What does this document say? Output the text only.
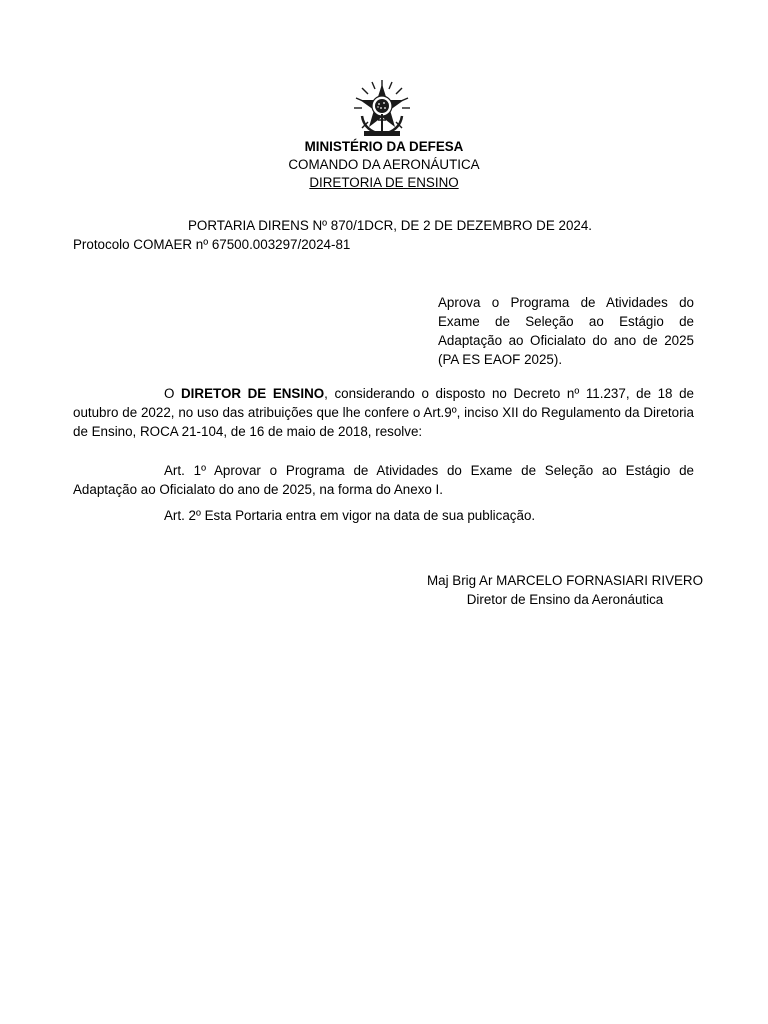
MINISTÉRIO DA DEFESA
COMANDO DA AERONÁUTICA
DIRETORIA DE ENSINO
PORTARIA DIRENS Nº 870/1DCR, DE 2 DE DEZEMBRO DE 2024.
Protocolo COMAER nº 67500.003297/2024-81
Aprova o Programa de Atividades do Exame de Seleção ao Estágio de Adaptação ao Oficialato do ano de 2025 (PA ES EAOF 2025).
O DIRETOR DE ENSINO, considerando o disposto no Decreto nº 11.237, de 18 de outubro de 2022, no uso das atribuições que lhe confere o Art.9º, inciso XII do Regulamento da Diretoria de Ensino, ROCA 21-104, de 16 de maio de 2018, resolve:
Art. 1º Aprovar o Programa de Atividades do Exame de Seleção ao Estágio de Adaptação ao Oficialato do ano de 2025, na forma do Anexo I.
Art. 2º Esta Portaria entra em vigor na data de sua publicação.
Maj Brig Ar MARCELO FORNASIARI RIVERO
Diretor de Ensino da Aeronáutica
